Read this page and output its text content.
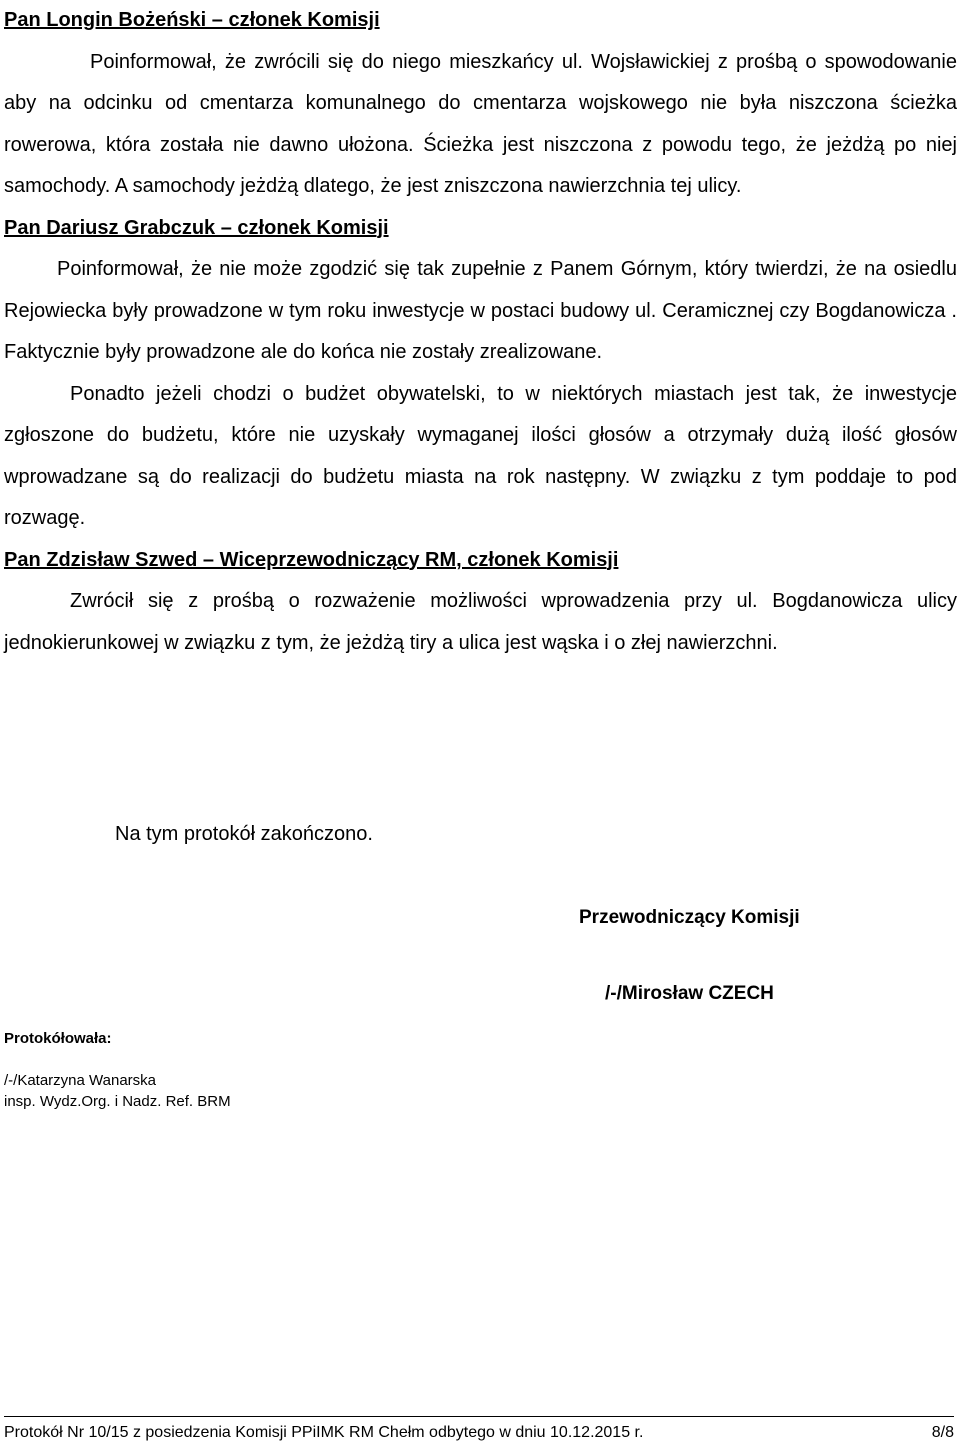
Pan Longin Bożeński – członek Komisji

Poinformował, że zwrócili się do niego mieszkańcy ul. Wojsławickiej z prośbą o spowodowanie aby na odcinku od cmentarza komunalnego do cmentarza wojskowego nie była niszczona ścieżka rowerowa, która została nie dawno ułożona. Ścieżka jest niszczona z powodu tego, że jeżdżą po niej samochody. A samochody jeżdżą dlatego, że jest zniszczona nawierzchnia tej ulicy.

Pan Dariusz Grabczuk – członek Komisji

Poinformował, że nie może zgodzić się tak zupełnie z Panem Górnym, który twierdzi, że na osiedlu Rejowiecka były prowadzone w tym roku inwestycje w postaci budowy ul. Ceramicznej czy Bogdanowicza . Faktycznie były prowadzone ale do końca nie zostały zrealizowane.

Ponadto jeżeli chodzi o budżet obywatelski, to w niektórych miastach jest tak, że inwestycje zgłoszone do budżetu, które nie uzyskały wymaganej ilości głosów a otrzymały dużą ilość głosów wprowadzane są do realizacji do budżetu miasta na rok następny. W związku z tym poddaje to pod rozwagę.

Pan Zdzisław Szwed – Wiceprzewodniczący RM, członek Komisji

Zwrócił się z prośbą o rozważenie możliwości wprowadzenia przy ul. Bogdanowicza ulicy jednokierunkowej w związku z tym, że jeżdżą tiry a ulica jest wąska i o złej nawierzchni.

Na tym protokół zakończono.
Przewodniczący Komisji
/-/Mirosław CZECH
Protokółowała:
/-/Katarzyna Wanarska
insp. Wydz.Org. i Nadz. Ref. BRM
Protokół Nr 10/15 z posiedzenia Komisji PPiIMK RM Chełm odbytego w dniu 10.12.2015 r.	8/8
